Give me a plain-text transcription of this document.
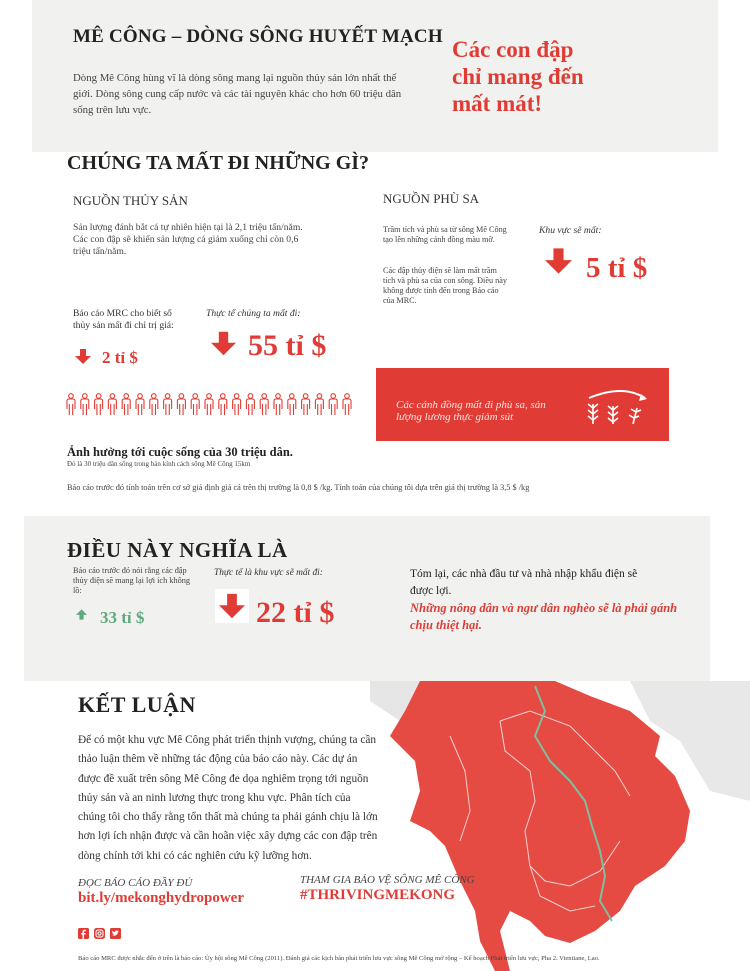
MÊ CÔNG – DÒNG SÔNG HUYẾT MẠCH
Dòng Mê Công hùng vĩ là dòng sông mang lại nguồn thủy sản lớn nhất thế giới. Dòng sông cung cấp nước và các tài nguyên khác cho hơn 60 triệu dân sống trên lưu vực.
Các con đập chỉ mang đến mất mát!
CHÚNG TA MẤT ĐI NHỮNG GÌ?
NGUỒN THỦY SẢN
Sản lượng đánh bắt cá tự nhiên hiện tại là 2,1 triệu tấn/năm. Các con đập sẽ khiến sản lượng cá giảm xuống chỉ còn 0,6 triệu tấn/năm.
Báo cáo MRC cho biết số thủy sản mất đi chỉ trị giá:
2 tỉ $
Thực tế chúng ta mất đi:
55 tỉ $
Ảnh hưởng tới cuộc sống của 30 triệu dân.
Đó là 30 triệu dân sống trong bán kính cách sông Mê Công 15km
NGUỒN PHÙ SA
Trầm tích và phù sa từ sông Mê Công tạo lên những cánh đồng màu mỡ.
Các đập thủy điện sẽ làm mất trầm tích và phù sa của con sông. Điều này không được tính đến trong Báo cáo của MRC.
Khu vực sẽ mất:
5 tỉ $
Các cánh đồng mất đi phù sa, sản lượng lương thực giảm sút
Báo cáo trước đó tính toán trên cơ sở giả định giá cá trên thị trường là 0,8 $ /kg. Tính toán của chúng tôi dựa trên giá thị trường là 3,5 $ /kg
ĐIỀU NÀY NGHĨA LÀ
Báo cáo trước đó nói rằng các đập thủy điện sẽ mang lại lợi ích không lồ:
33 tỉ $
Thực tế là khu vực sẽ mất đi:
22 tỉ $
Tóm lại, các nhà đầu tư và nhà nhập khẩu điện sẽ được lợi.
Những nông dân và ngư dân nghèo sẽ là phải gánh chịu thiệt hại.
KẾT LUẬN
Để có một khu vực Mê Công phát triển thịnh vượng, chúng ta cần thảo luận thêm về những tác động của báo cáo này. Các dự án được đề xuất trên sông Mê Công đe dọa nghiêm trọng tới nguồn thủy sản và an ninh lương thực trong khu vực. Phân tích của chúng tôi cho thấy rằng tổn thất mà chúng ta phải gánh chịu là lớn hơn lợi ích nhận được và cần hoãn việc xây dựng các con đập trên dòng chính tới khi có các nghiên cứu kỹ lưỡng hơn.
ĐỌC BÁO CÁO ĐẦY ĐỦ
bit.ly/mekonghydropower
THAM GIA BẢO VỆ SÔNG MÊ CÔNG
#THRIVINGMEKONG
Báo cáo MRC được nhắc đến ở trên là báo cáo: Ủy hội sông Mê Công (2011). Đánh giá các kịch bản phát triển lưu vực sông Mê Công mở rộng – Kế hoạch Phát triển lưu vực, Pha 2. Vientiane, Lao.
